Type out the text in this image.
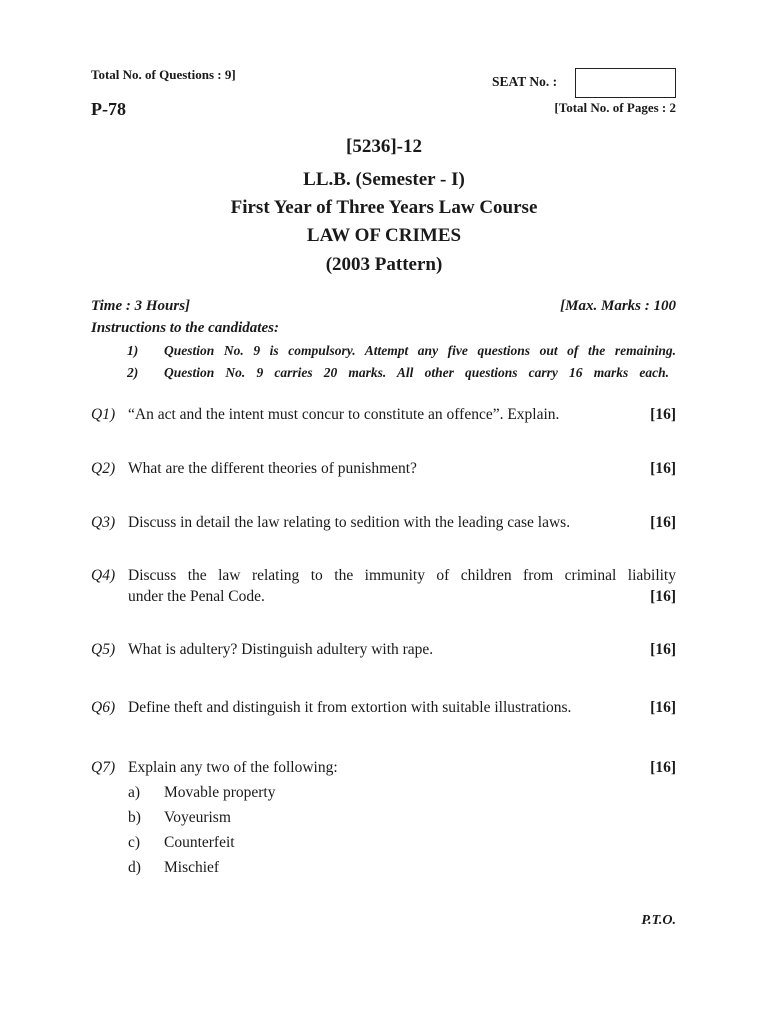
Total No. of Questions : 9]	SEAT No. :
P-78	[Total No. of Pages : 2
[5236]-12
LL.B. (Semester - I)
First Year of Three Years Law Course
LAW OF CRIMES
(2003 Pattern)
Time : 3 Hours]	[Max. Marks : 100
Instructions to the candidates:
1) Question No. 9 is compulsory. Attempt any five questions out of the remaining.
2) Question No. 9 carries 20 marks. All other questions carry 16 marks each.
Q1) “An act and the intent must concur to constitute an offence”. Explain.	[16]
Q2) What are the different theories of punishment?	[16]
Q3) Discuss in detail the law relating to sedition with the leading case laws.	[16]
Q4) Discuss the law relating to the immunity of children from criminal liability
under the Penal Code.	[16]
Q5) What is adultery? Distinguish adultery with rape.	[16]
Q6) Define theft and distinguish it from extortion with suitable illustrations.	[16]
Q7) Explain any two of the following:	[16]
a) Movable property
b) Voyeurism
c) Counterfeit
d) Mischief
P.T.O.
